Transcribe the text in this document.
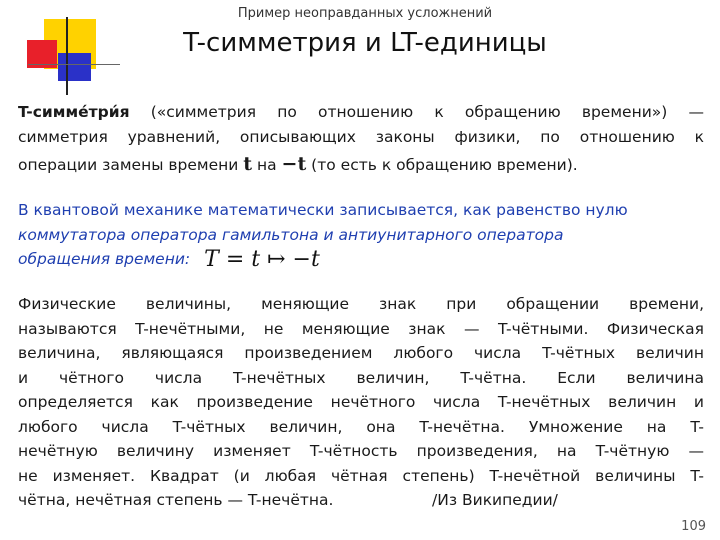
Пример неоправданных усложнений
T-симметрия и LT-единицы
T-симме́три́я («симметрия по отношению к обращению времени») —
симметрия уравнений, описывающих законы физики, по отношению к
операции замены времени t на −t (то есть к обращению времени).
В квантовой механике математически записывается, как равенство нулю
коммутатора оператора гамильтона и антиунитарного оператора
обращения времени: T = t ↦ −t
Физические величины, меняющие знак при обращении времени,
называются T-нечётными, не меняющие знак — T-чётными. Физическая
величина, являющаяся произведением любого числа T-чётных величин
и чётного числа T-нечётных величин, T-чётна. Если величина
определяется как произведение нечётного числа T-нечётных величин и
любого числа T-чётных величин, она T-нечётна. Умножение на T-
нечётную величину изменяет T-чётность произведения, на T-чётную —
не изменяет. Квадрат (и любая чётная степень) T-нечётной величины T-
чётна, нечётная степень — T-нечётна.                    /Из Википедии/
109
